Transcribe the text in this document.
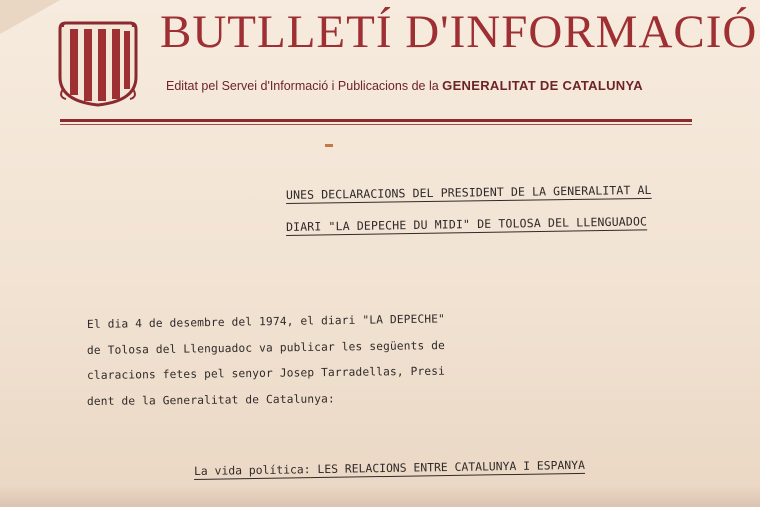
BUTLLETÍ D'INFORMACIÓ
Editat pel Servei d'Informació i Publicacions de la GENERALITAT DE CATALUNYA

UNES DECLARACIONS DEL PRESIDENT DE LA GENERALITAT AL

DIARI "LA DEPECHE DU MIDI" DE TOLOSA DEL LLENGUADOC

El dia 4 de desembre del 1974, el diari "LA DEPECHE"

de Tolosa del Llenguadoc va publicar les següents de

claracions fetes pel senyor Josep Tarradellas, Presi

dent de la Generalitat de Catalunya:

La vida política: LES RELACIONS ENTRE CATALUNYA I ESPANYA
